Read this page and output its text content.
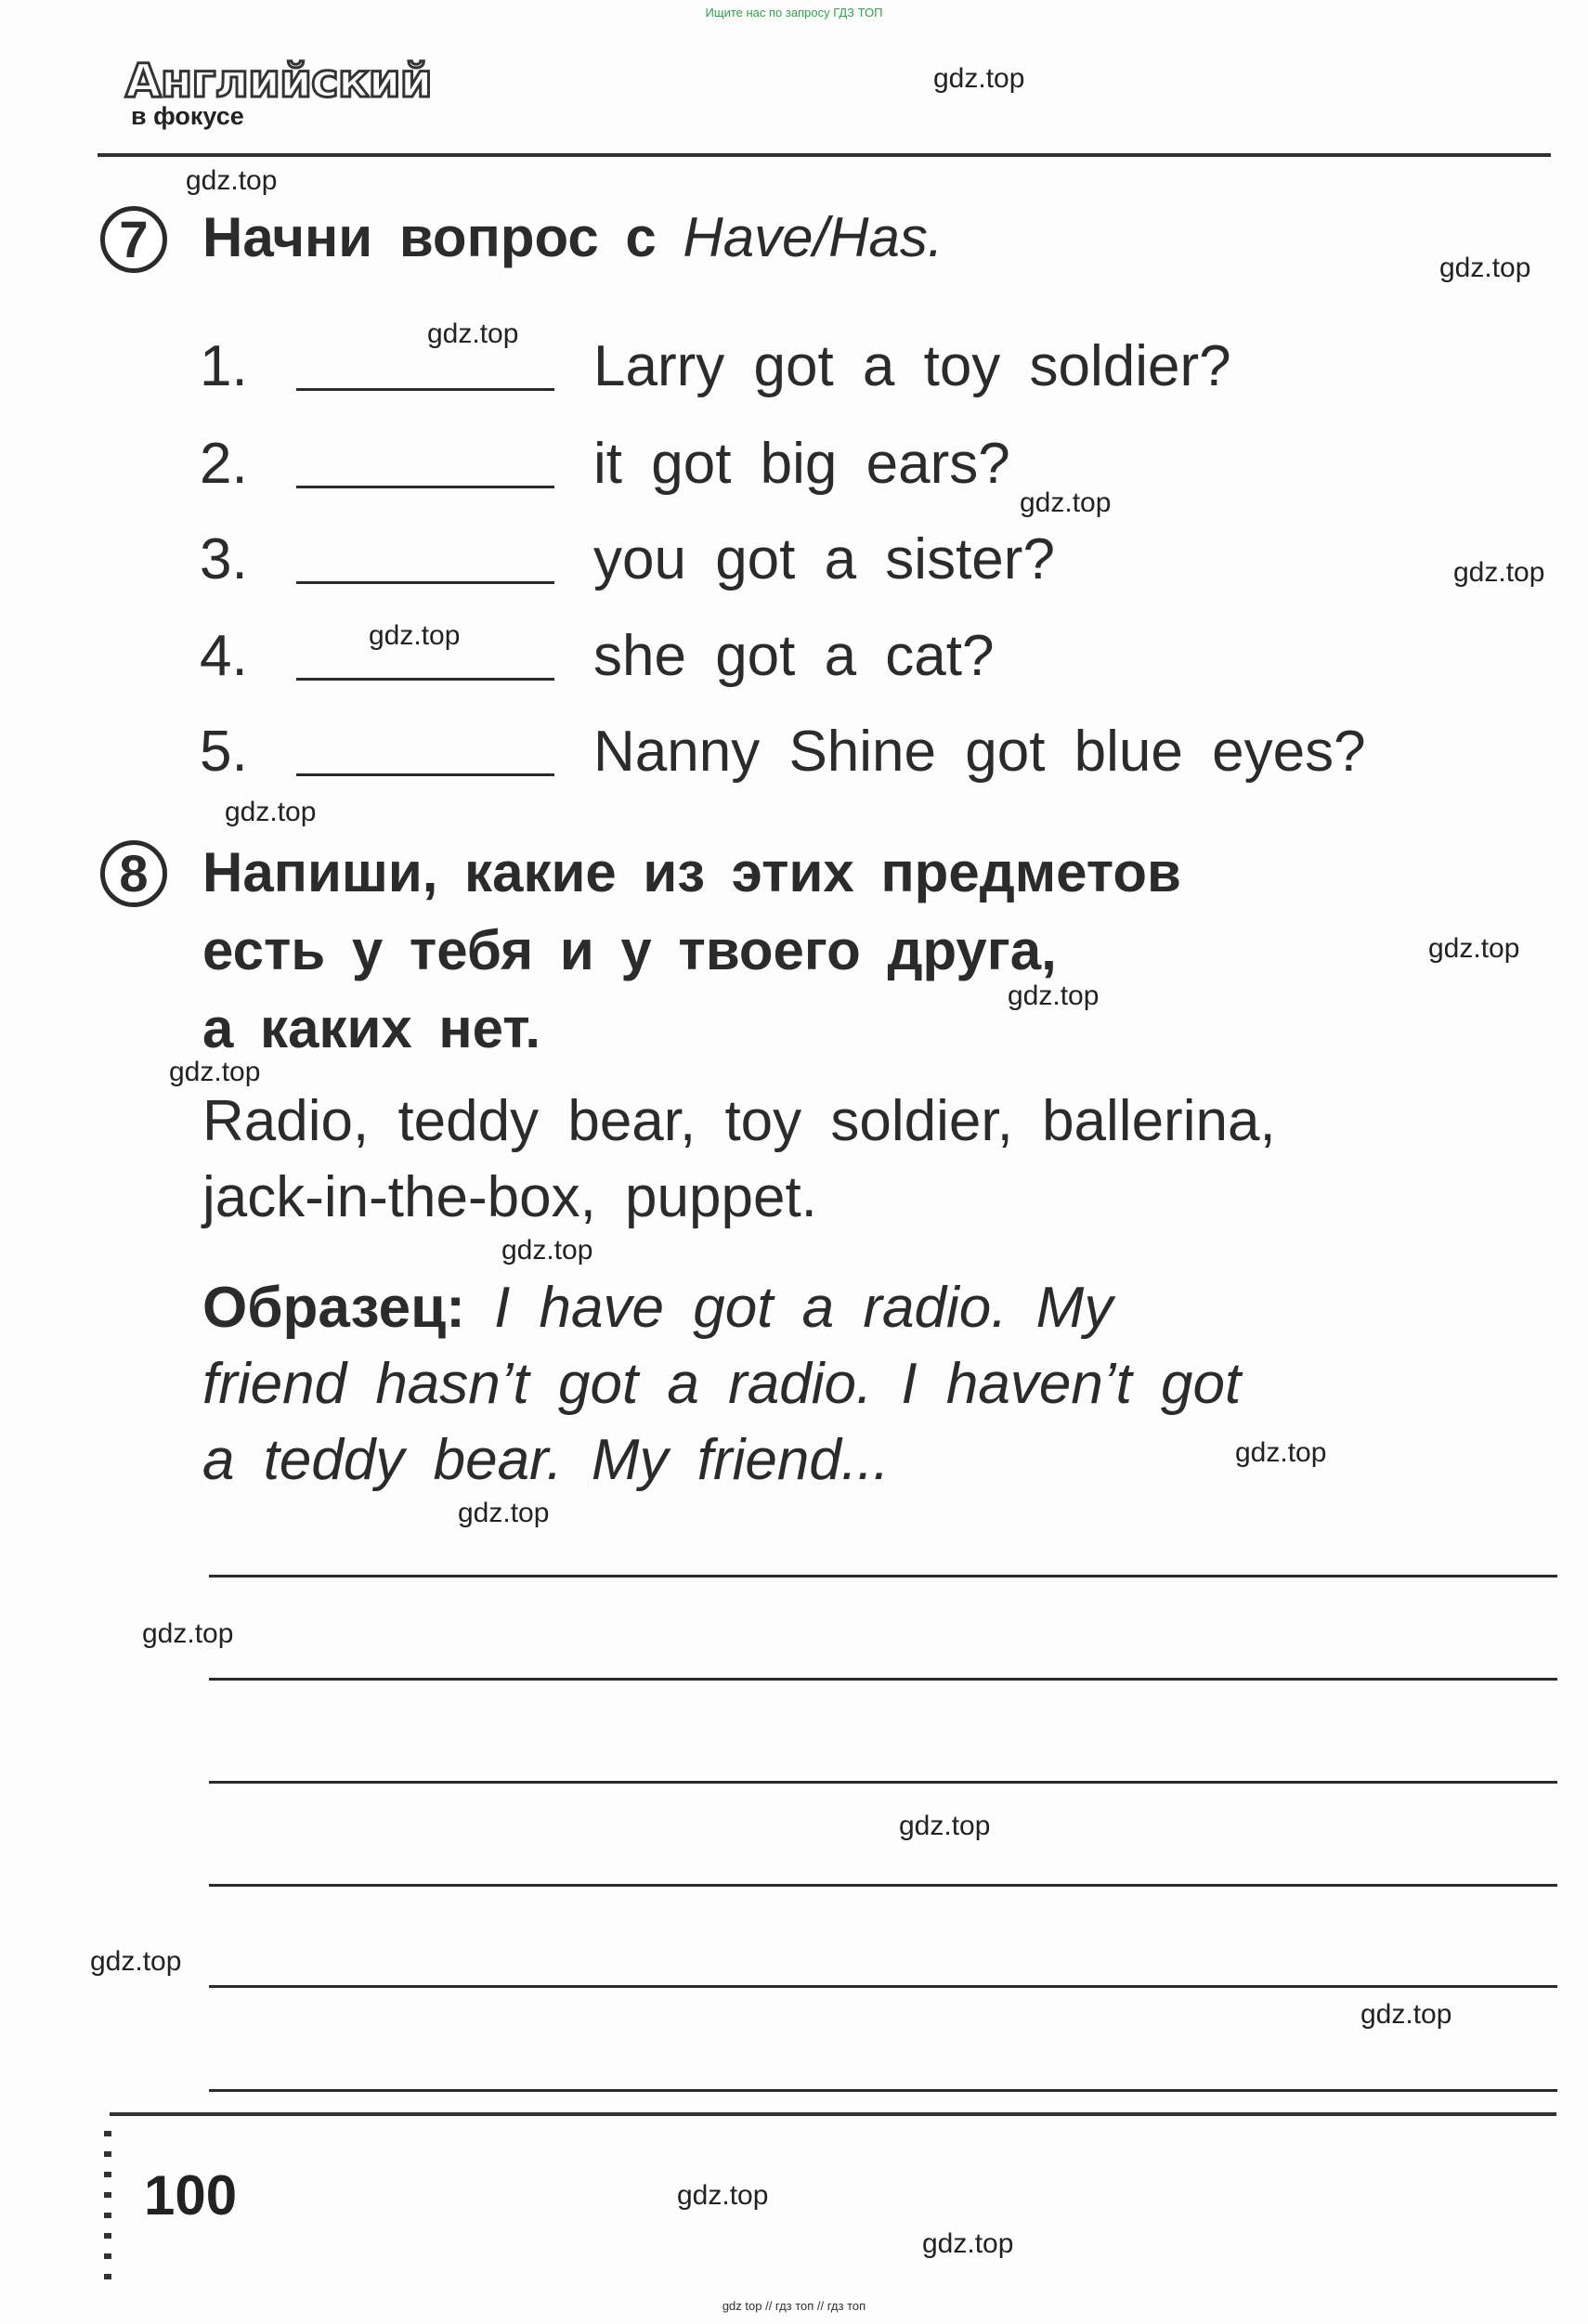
Ищите нас по запросу ГДЗ ТОП
Английский
в фокусе
7 Начни вопрос с Have/Has.
1.	Larry got a toy soldier?
2.	it got big ears?
3.	you got a sister?
4.	she got a cat?
5.	Nanny Shine got blue eyes?
8 Напиши, какие из этих предметов
есть у тебя и у твоего друга,
а каких нет.
Radio, teddy bear, toy soldier, ballerina,
jack-in-the-box, puppet.
Образец: I have got a radio. My
friend hasn’t got a radio. I haven’t got
a teddy bear. My friend...
100
gdz.top
gdz.top
gdz.top
gdz.top
gdz.top
gdz.top
gdz.top
gdz.top
gdz.top
gdz.top
gdz.top
gdz.top
gdz.top
gdz.top
gdz.top
gdz.top
gdz.top
gdz.top
gdz.top
gdz.top
gdz top // гдз топ // гдз топ
